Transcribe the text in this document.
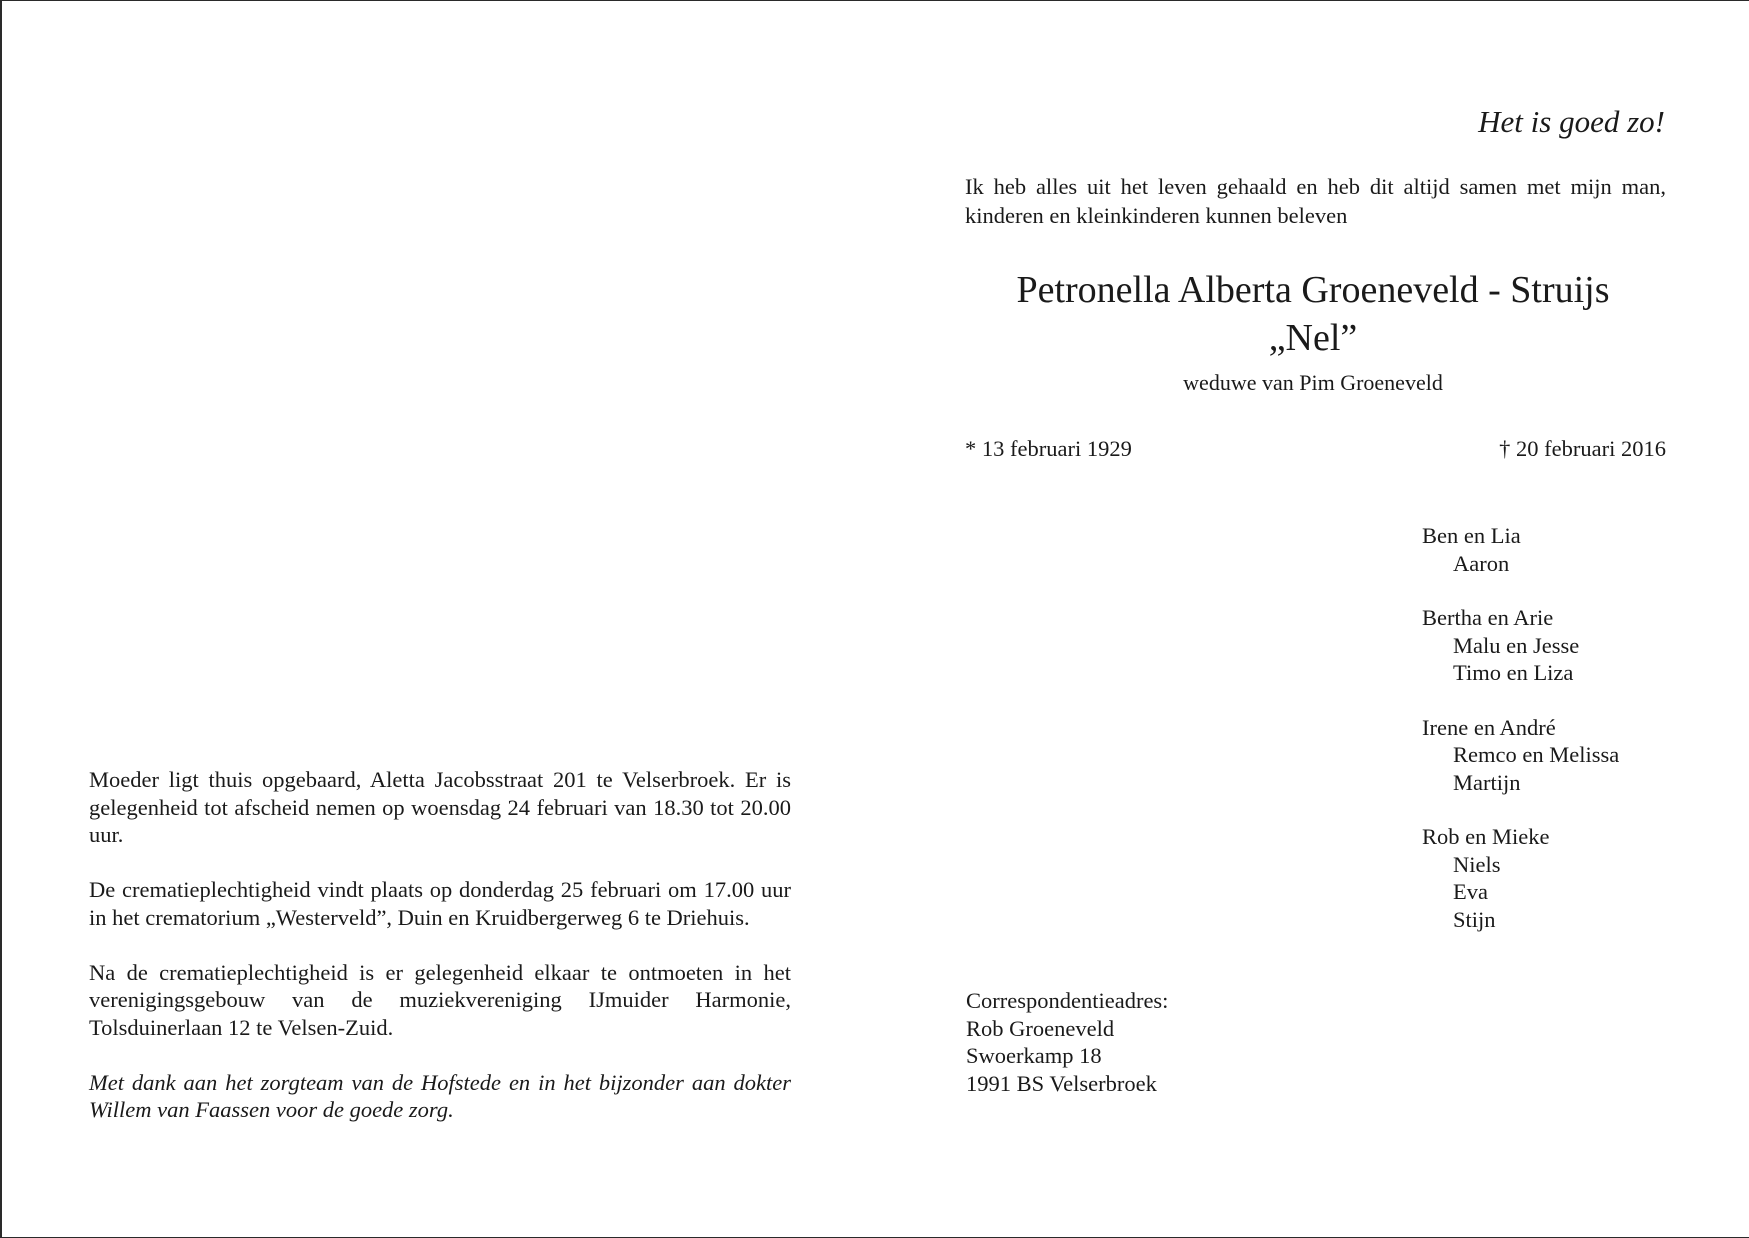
Het is goed zo!

Ik heb alles uit het leven gehaald en heb dit altijd samen met mijn man, kinderen en kleinkinderen kunnen beleven

Petronella Alberta Groeneveld - Struijs

„Nel”

weduwe van Pim Groeneveld

* 13 februari 1929	† 20 februari 2016

Ben en Lia
Aaron
Bertha en Arie
Malu en Jesse
Timo en Liza
Irene en André
Remco en Melissa
Martijn
Rob en Mieke
Niels
Eva
Stijn

Moeder ligt thuis opgebaard, Aletta Jacobsstraat 201 te Velserbroek. Er is gelegenheid tot afscheid nemen op woensdag 24 februari van 18.30 tot 20.00 uur.

De crematieplechtigheid vindt plaats op donderdag 25 februari om 17.00 uur in het crematorium „Westerveld”, Duin en Kruidbergerweg 6 te Driehuis.

Na de crematieplechtigheid is er gelegenheid elkaar te ontmoeten in het verenigingsgebouw van de muziekvereniging IJmuider Harmonie, Tolsduinerlaan 12 te Velsen-Zuid.

Met dank aan het zorgteam van de Hofstede en in het bijzonder aan dokter Willem van Faassen voor de goede zorg.

Correspondentieadres:
Rob Groeneveld
Swoerkamp 18
1991 BS Velserbroek
